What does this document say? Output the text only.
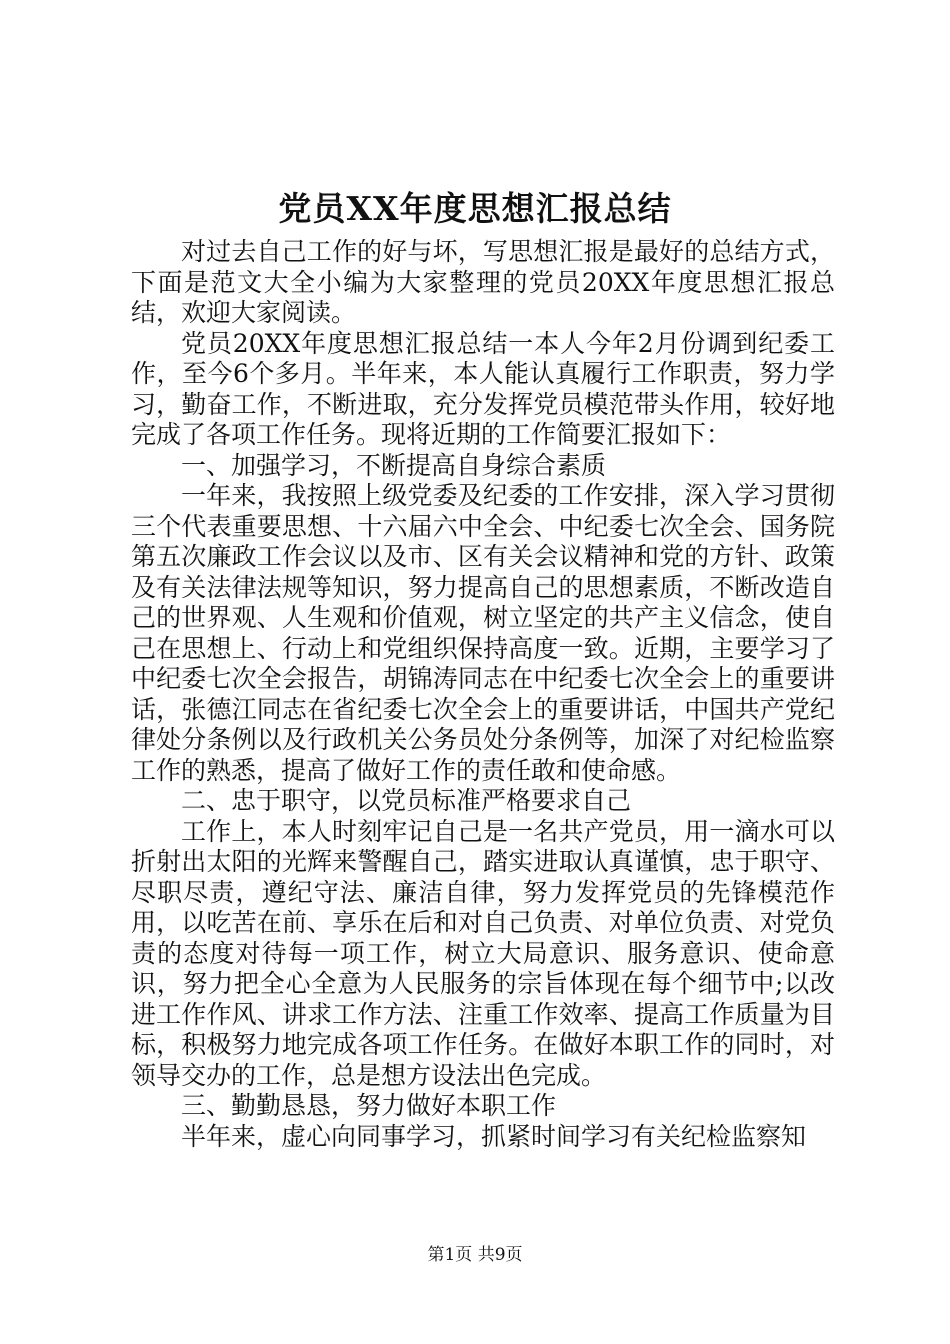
党员XX年度思想汇报总结

对过去自己工作的好与坏，写思想汇报是最好的总结方式，下面是范文大全小编为大家整理的党员20XX年度思想汇报总结，欢迎大家阅读。

党员20XX年度思想汇报总结一本人今年2月份调到纪委工作，至今6个多月。半年来，本人能认真履行工作职责，努力学习，勤奋工作，不断进取，充分发挥党员模范带头作用，较好地完成了各项工作任务。现将近期的工作简要汇报如下：

一、加强学习，不断提高自身综合素质

一年来，我按照上级党委及纪委的工作安排，深入学习贯彻三个代表重要思想、十六届六中全会、中纪委七次全会、国务院第五次廉政工作会议以及市、区有关会议精神和党的方针、政策及有关法律法规等知识，努力提高自己的思想素质，不断改造自己的世界观、人生观和价值观，树立坚定的共产主义信念，使自己在思想上、行动上和党组织保持高度一致。近期，主要学习了中纪委七次全会报告，胡锦涛同志在中纪委七次全会上的重要讲话，张德江同志在省纪委七次全会上的重要讲话，中国共产党纪律处分条例以及行政机关公务员处分条例等，加深了对纪检监察工作的熟悉，提高了做好工作的责任敢和使命感。

二、忠于职守，以党员标准严格要求自己

工作上，本人时刻牢记自己是一名共产党员，用一滴水可以折射出太阳的光辉来警醒自己，踏实进取认真谨慎，忠于职守、尽职尽责，遵纪守法、廉洁自律，努力发挥党员的先锋模范作用，以吃苦在前、享乐在后和对自己负责、对单位负责、对党负责的态度对待每一项工作，树立大局意识、服务意识、使命意识，努力把全心全意为人民服务的宗旨体现在每个细节中;以改进工作作风、讲求工作方法、注重工作效率、提高工作质量为目标，积极努力地完成各项工作任务。在做好本职工作的同时，对领导交办的工作，总是想方设法出色完成。

三、勤勤恳恳，努力做好本职工作

半年来，虚心向同事学习，抓紧时间学习有关纪检监察知

第1页 共9页
